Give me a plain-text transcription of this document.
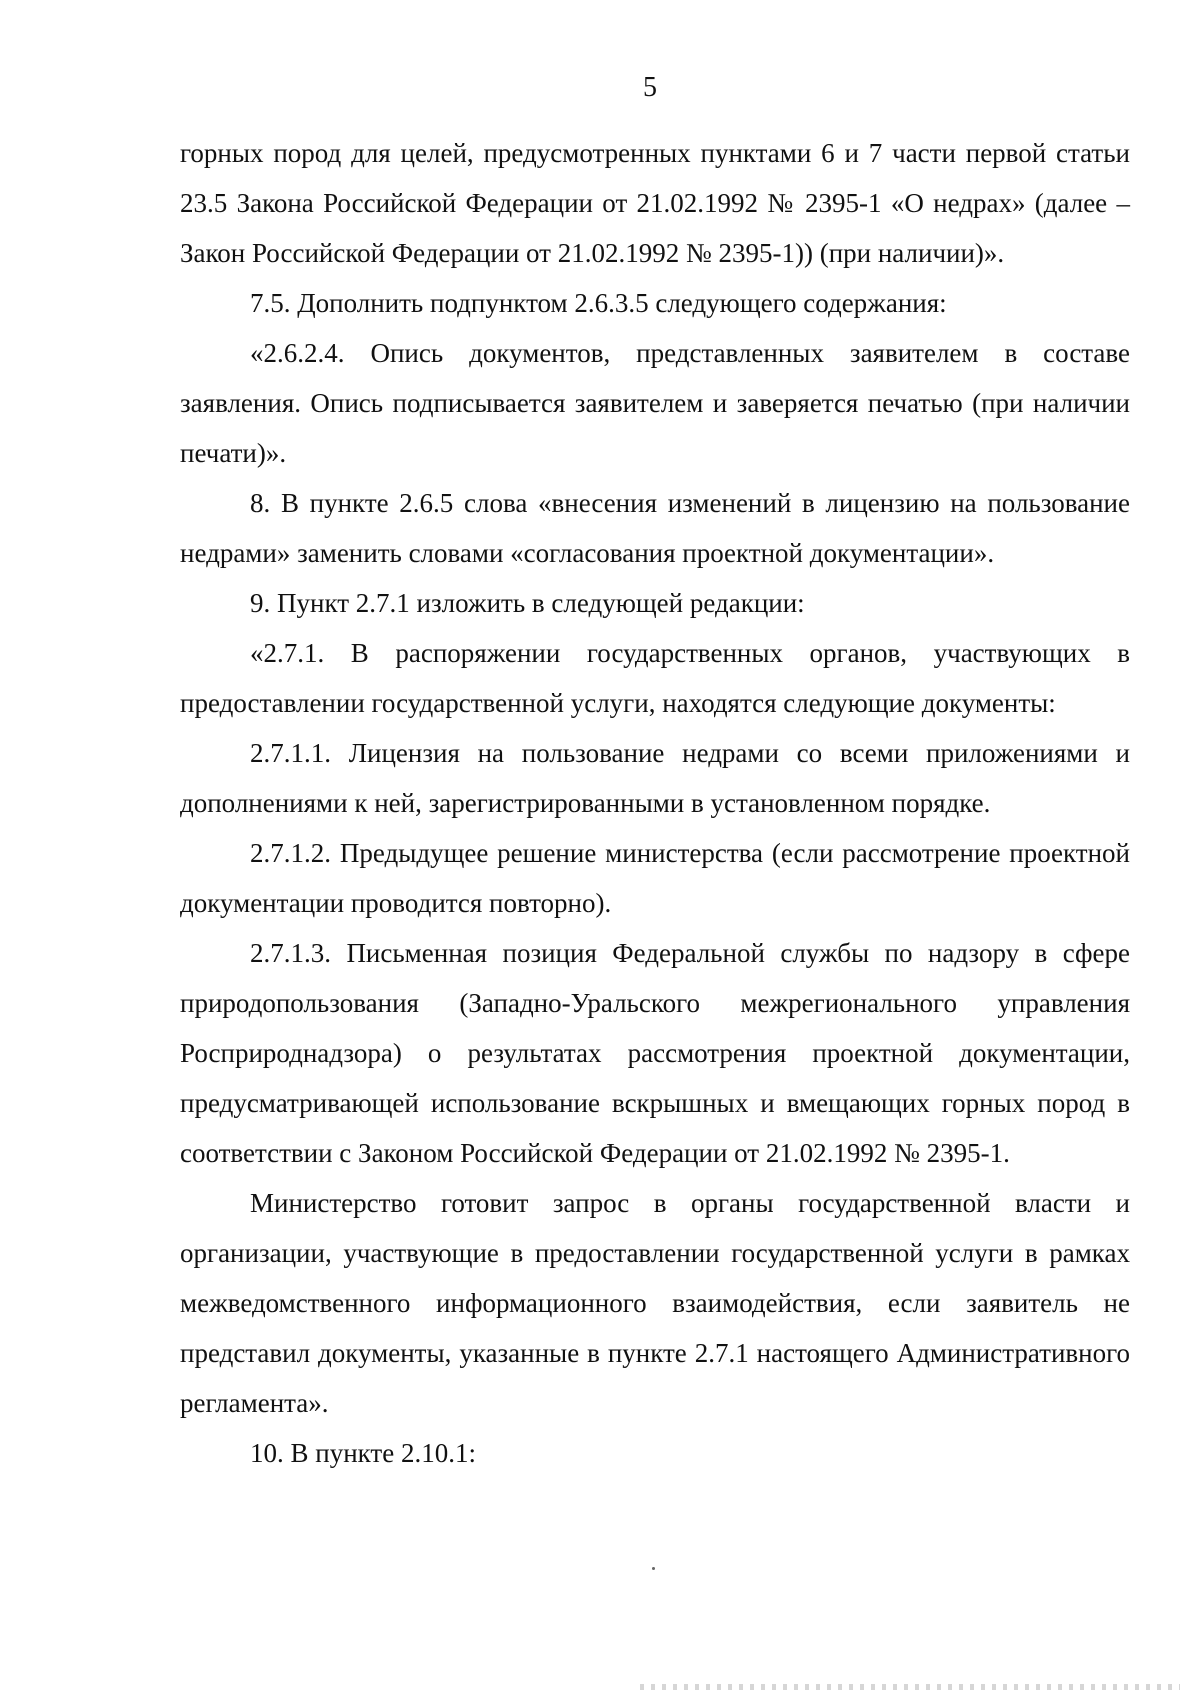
5

горных пород для целей, предусмотренных пунктами 6 и 7 части первой статьи 23.5 Закона Российской Федерации от 21.02.1992 № 2395-1 «О недрах» (далее – Закон Российской Федерации от 21.02.1992 № 2395-1)) (при наличии)».

7.5. Дополнить подпунктом 2.6.3.5 следующего содержания:

«2.6.2.4. Опись документов, представленных заявителем в составе заявления. Опись подписывается заявителем и заверяется печатью (при наличии печати)».

8. В пункте 2.6.5 слова «внесения изменений в лицензию на пользование недрами» заменить словами «согласования проектной документации».

9. Пункт 2.7.1 изложить в следующей редакции:

«2.7.1. В распоряжении государственных органов, участвующих в предоставлении государственной услуги, находятся следующие документы:

2.7.1.1. Лицензия на пользование недрами со всеми приложениями и дополнениями к ней, зарегистрированными в установленном порядке.

2.7.1.2. Предыдущее решение министерства (если рассмотрение проектной документации проводится повторно).

2.7.1.3. Письменная позиция Федеральной службы по надзору в сфере природопользования (Западно-Уральского межрегионального управления Росприроднадзора) о результатах рассмотрения проектной документации, предусматривающей использование вскрышных и вмещающих горных пород в соответствии с Законом Российской Федерации от 21.02.1992 № 2395-1.

Министерство готовит запрос в органы государственной власти и организации, участвующие в предоставлении государственной услуги в рамках межведомственного информационного взаимодействия, если заявитель не представил документы, указанные в пункте 2.7.1 настоящего Административного регламента».

10. В пункте 2.10.1:
